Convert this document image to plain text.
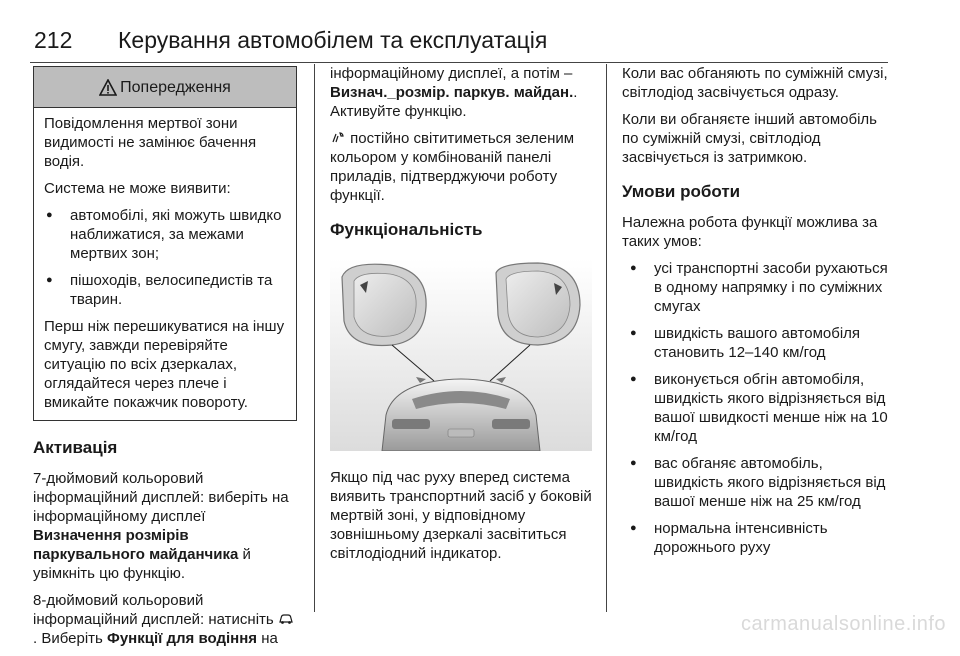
212 Керування автомобілем та експлуатація
Попередження

Повідомлення мертвої зони видимості не замінює бачення водія.

Система не може виявити:

● автомобілі, які можуть швидко наближатися, за межами мертвих зон;
● пішоходів, велосипедистів та тварин.

Перш ніж перешикуватися на іншу смугу, завжди перевіряйте ситуацію по всіх дзеркалах, оглядайтеся через плече і вмикайте покажчик повороту.

Активація

7-дюймовий кольоровий інформаційний дисплей: виберіть на інформаційному дисплеї Визначення розмірів паркувального майданчика й увімкніть цю функцію.

8-дюймовий кольоровий інформаційний дисплей: натисніть . Виберіть Функції для водіння на

інформаційному дисплеї, а потім – Визнач._розмір. паркув. майдан.. Активуйте функцію.

постійно світитиметься зеленим кольором у комбінованій панелі приладів, підтверджуючи роботу функції.

Функціональність

Якщо під час руху вперед система виявить транспортний засіб у боковій мертвій зоні, у відповідному зовнішньому дзеркалі засвітиться світлодіодний індикатор.

Коли вас обганяють по суміжній смузі, світлодіод засвічується одразу.

Коли ви обганяєте інший автомобіль по суміжній смузі, світлодіод засвічується із затримкою.

Умови роботи

Належна робота функції можлива за таких умов:

● усі транспортні засоби рухаються в одному напрямку і по суміжних смугах
● швидкість вашого автомобіля становить 12–140 км/год
● виконується обгін автомобіля, швидкість якого відрізняється від вашої швидкості менше ніж на 10 км/год
● вас обганяє автомобіль, швидкість якого відрізняється від вашої менше ніж на 25 км/год
● нормальна інтенсивність дорожнього руху
carmanualsonline.info
